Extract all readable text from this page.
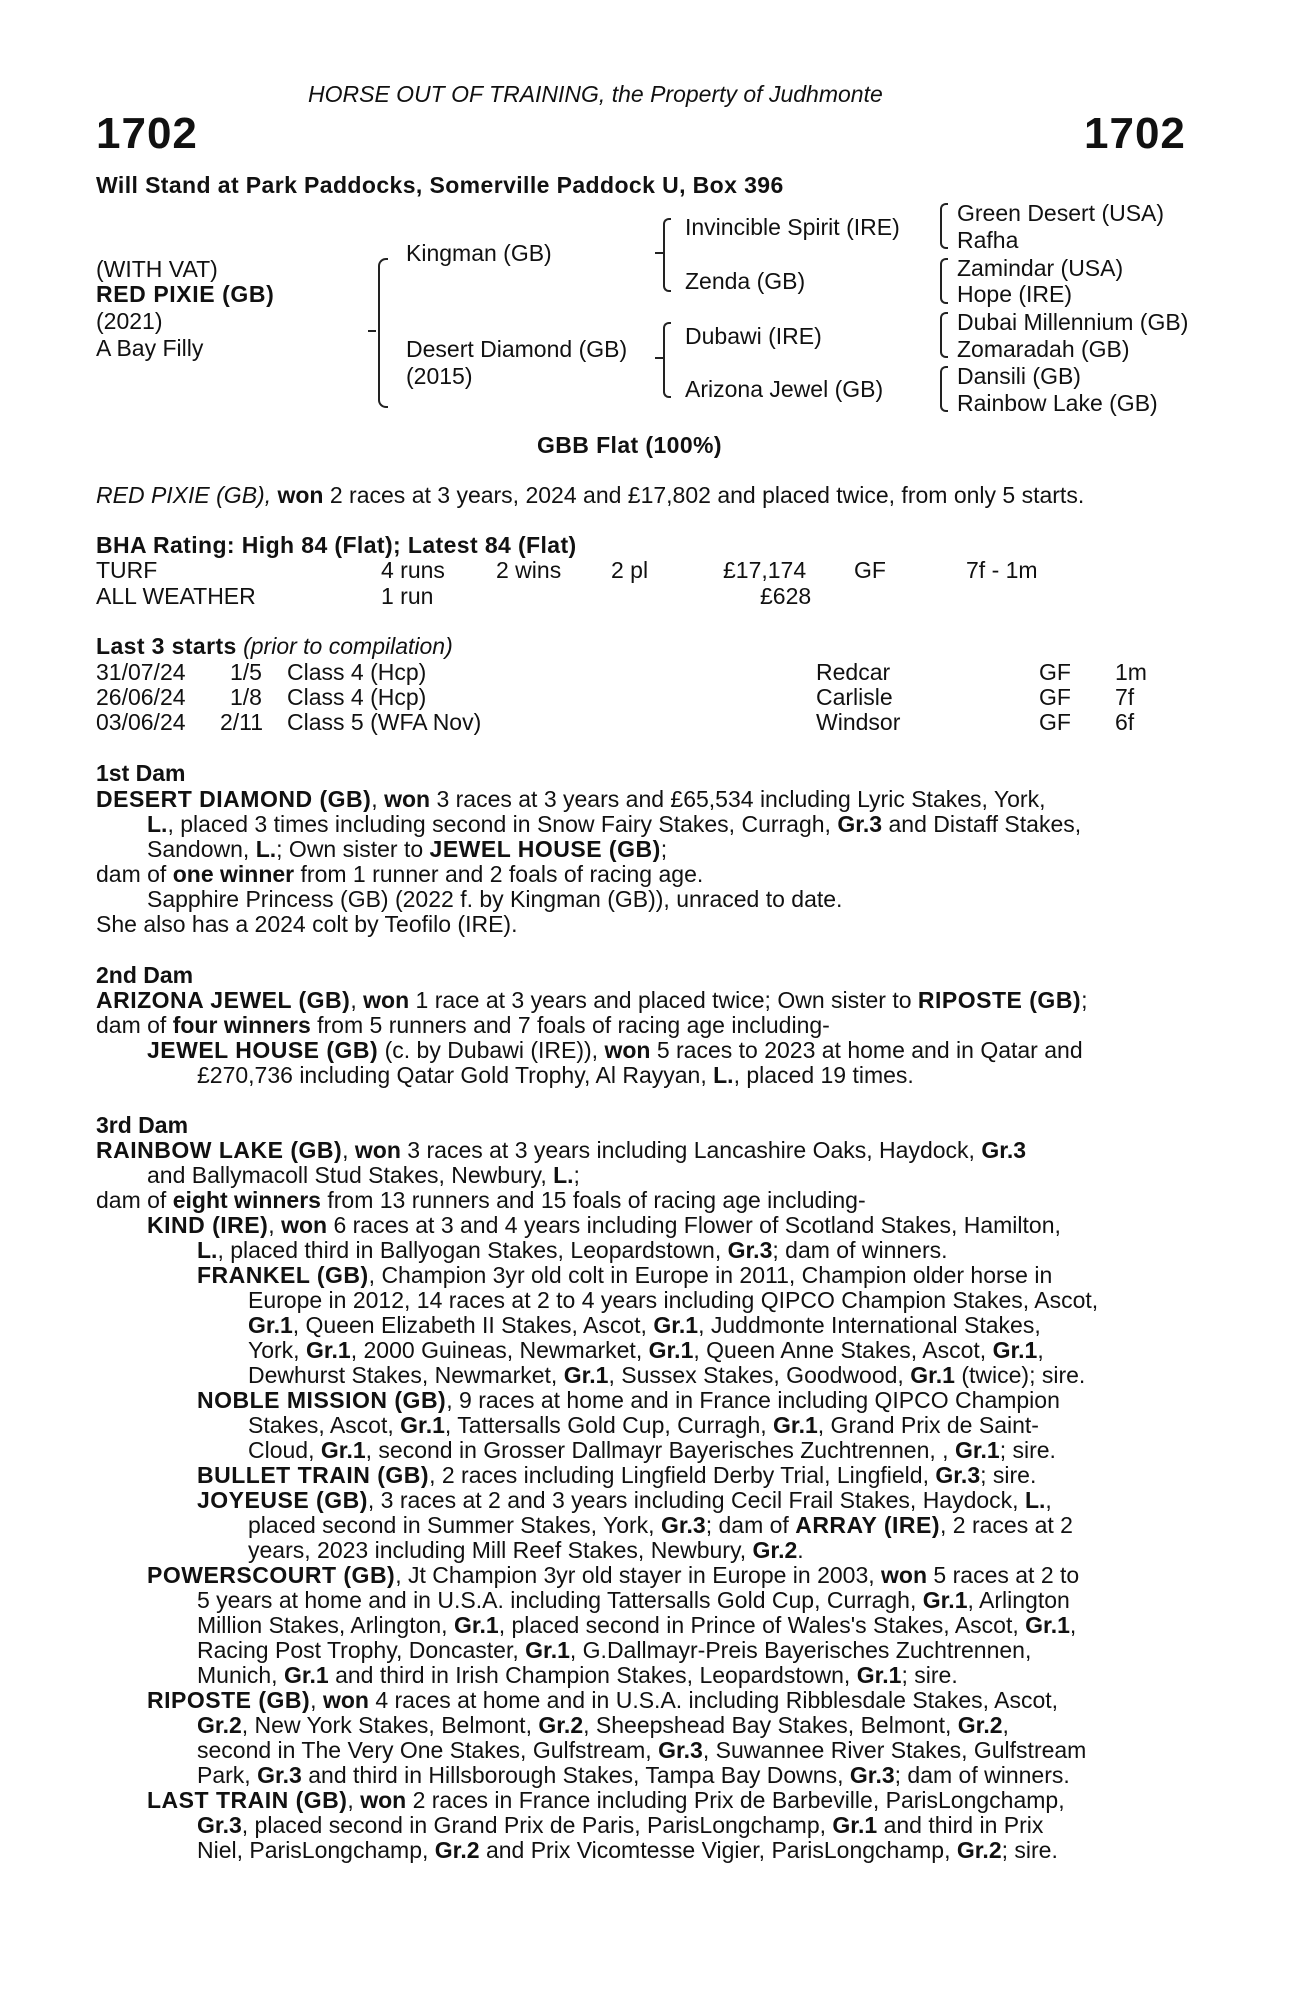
HORSE OUT OF TRAINING, the Property of Judhmonte
1702	1702
Will Stand at Park Paddocks, Somerville Paddock U, Box 396
(WITH VAT)
RED PIXIE (GB)
(2021)
A Bay Filly
Kingman (GB)
Desert Diamond (GB)
(2015)
Invincible Spirit (IRE)
Zenda (GB)
Dubawi (IRE)
Arizona Jewel (GB)
Green Desert (USA)
Rafha
Zamindar (USA)
Hope (IRE)
Dubai Millennium (GB)
Zomaradah (GB)
Dansili (GB)
Rainbow Lake (GB)
GBB Flat (100%)
RED PIXIE (GB), won 2 races at 3 years, 2024 and £17,802 and placed twice, from only 5 starts.
BHA Rating: High 84 (Flat); Latest 84 (Flat)
TURF	4 runs 2 wins 2 pl	£17,174 GF	7f - 1m
ALL WEATHER	1 run	£628
Last 3 starts (prior to compilation)
31/07/24 1/5 Class 4 (Hcp)	Redcar	GF 1m
26/06/24 1/8 Class 4 (Hcp)	Carlisle	GF 7f
03/06/24 2/11 Class 5 (WFA Nov)	Windsor	GF 6f
1st Dam
DESERT DIAMOND (GB), won 3 races at 3 years and £65,534 including Lyric Stakes, York,
L., placed 3 times including second in Snow Fairy Stakes, Curragh, Gr.3 and Distaff Stakes,
Sandown, L.; Own sister to JEWEL HOUSE (GB);
dam of one winner from 1 runner and 2 foals of racing age.
Sapphire Princess (GB) (2022 f. by Kingman (GB)), unraced to date.
She also has a 2024 colt by Teofilo (IRE).
2nd Dam
ARIZONA JEWEL (GB), won 1 race at 3 years and placed twice; Own sister to RIPOSTE (GB);
dam of four winners from 5 runners and 7 foals of racing age including-
JEWEL HOUSE (GB) (c. by Dubawi (IRE)), won 5 races to 2023 at home and in Qatar and
£270,736 including Qatar Gold Trophy, Al Rayyan, L., placed 19 times.
3rd Dam
RAINBOW LAKE (GB), won 3 races at 3 years including Lancashire Oaks, Haydock, Gr.3
and Ballymacoll Stud Stakes, Newbury, L.;
dam of eight winners from 13 runners and 15 foals of racing age including-
KIND (IRE), won 6 races at 3 and 4 years including Flower of Scotland Stakes, Hamilton,
L., placed third in Ballyogan Stakes, Leopardstown, Gr.3; dam of winners.
FRANKEL (GB), Champion 3yr old colt in Europe in 2011, Champion older horse in
Europe in 2012, 14 races at 2 to 4 years including QIPCO Champion Stakes, Ascot,
Gr.1, Queen Elizabeth II Stakes, Ascot, Gr.1, Juddmonte International Stakes,
York, Gr.1, 2000 Guineas, Newmarket, Gr.1, Queen Anne Stakes, Ascot, Gr.1,
Dewhurst Stakes, Newmarket, Gr.1, Sussex Stakes, Goodwood, Gr.1 (twice); sire.
NOBLE MISSION (GB), 9 races at home and in France including QIPCO Champion
Stakes, Ascot, Gr.1, Tattersalls Gold Cup, Curragh, Gr.1, Grand Prix de Saint-
Cloud, Gr.1, second in Grosser Dallmayr Bayerisches Zuchtrennen, , Gr.1; sire.
BULLET TRAIN (GB), 2 races including Lingfield Derby Trial, Lingfield, Gr.3; sire.
JOYEUSE (GB), 3 races at 2 and 3 years including Cecil Frail Stakes, Haydock, L.,
placed second in Summer Stakes, York, Gr.3; dam of ARRAY (IRE), 2 races at 2
years, 2023 including Mill Reef Stakes, Newbury, Gr.2.
POWERSCOURT (GB), Jt Champion 3yr old stayer in Europe in 2003, won 5 races at 2 to
5 years at home and in U.S.A. including Tattersalls Gold Cup, Curragh, Gr.1, Arlington
Million Stakes, Arlington, Gr.1, placed second in Prince of Wales's Stakes, Ascot, Gr.1,
Racing Post Trophy, Doncaster, Gr.1, G.Dallmayr-Preis Bayerisches Zuchtrennen,
Munich, Gr.1 and third in Irish Champion Stakes, Leopardstown, Gr.1; sire.
RIPOSTE (GB), won 4 races at home and in U.S.A. including Ribblesdale Stakes, Ascot,
Gr.2, New York Stakes, Belmont, Gr.2, Sheepshead Bay Stakes, Belmont, Gr.2,
second in The Very One Stakes, Gulfstream, Gr.3, Suwannee River Stakes, Gulfstream
Park, Gr.3 and third in Hillsborough Stakes, Tampa Bay Downs, Gr.3; dam of winners.
LAST TRAIN (GB), won 2 races in France including Prix de Barbeville, ParisLongchamp,
Gr.3, placed second in Grand Prix de Paris, ParisLongchamp, Gr.1 and third in Prix
Niel, ParisLongchamp, Gr.2 and Prix Vicomtesse Vigier, ParisLongchamp, Gr.2; sire.
